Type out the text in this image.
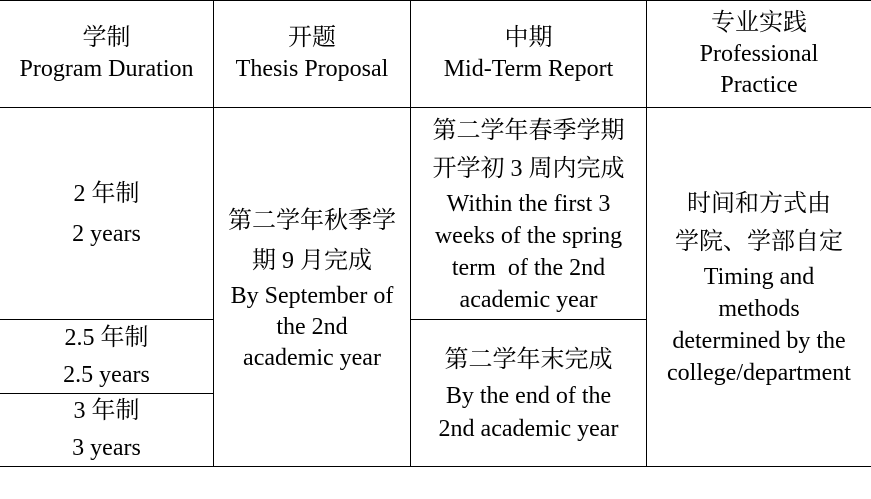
学制
Program Duration
开题
Thesis Proposal
中期
Mid-Term Report
专业实践
Professional
Practice
2 年制
2 years
2.5 年制
2.5 years
3 年制
3 years
第二学年秋季学
期 9 月完成
By September of
the 2nd
academic year
第二学年春季学期
开学初 3 周内完成
Within the first 3
weeks of the spring
term  of the 2nd
academic year
第二学年末完成
By the end of the
2nd academic year
时间和方式由
学院、学部自定
Timing and
methods
determined by the
college/department
